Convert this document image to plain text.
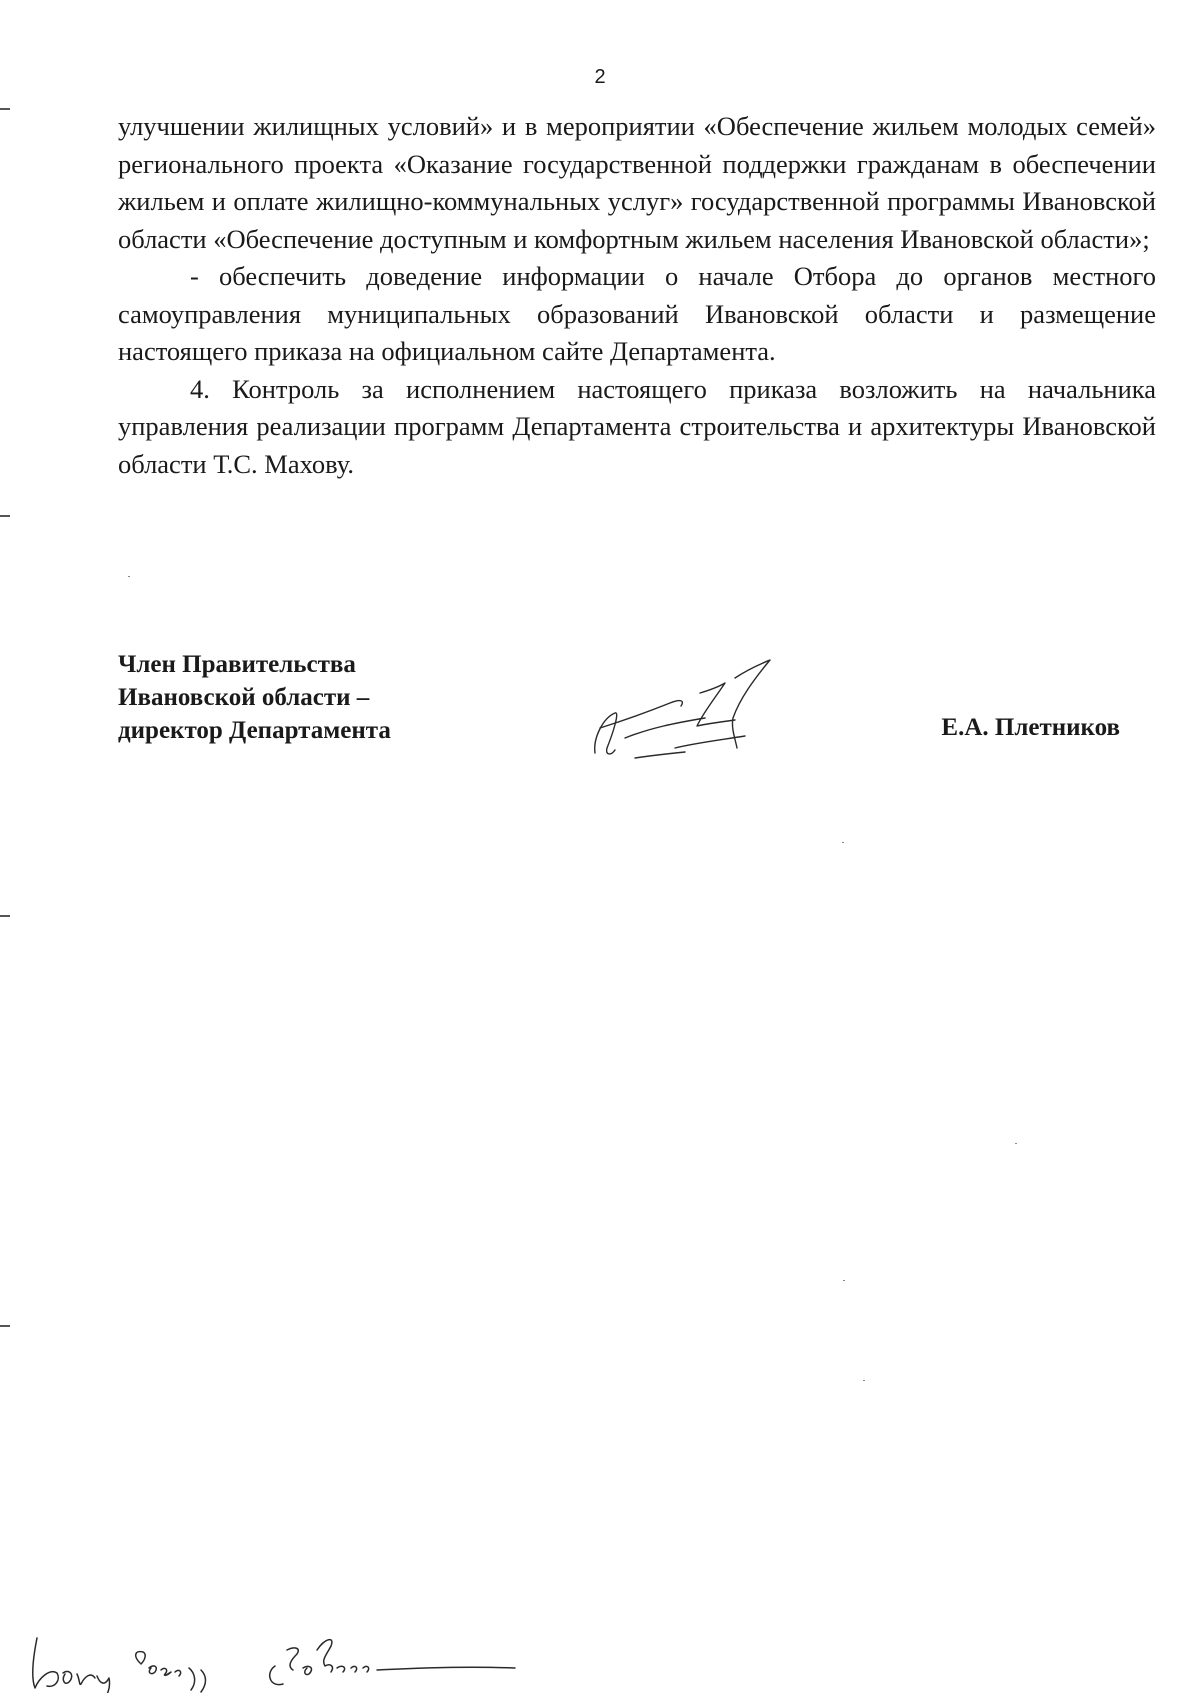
2

улучшении жилищных условий» и в мероприятии «Обеспечение жильем молодых семей» регионального проекта «Оказание государственной поддержки гражданам в обеспечении жильем и оплате жилищно-коммунальных услуг» государственной программы Ивановской области «Обеспечение доступным и комфортным жильем населения Ивановской области»;

- обеспечить доведение информации о начале Отбора до органов местного самоуправления муниципальных образований Ивановской области и размещение настоящего приказа на официальном сайте Департамента.

4. Контроль за исполнением настоящего приказа возложить на начальника управления реализации программ Департамента строительства и архитектуры Ивановской области Т.С. Махову.

Член Правительства
Ивановской области –
директор Департамента	Е.А. Плетников
